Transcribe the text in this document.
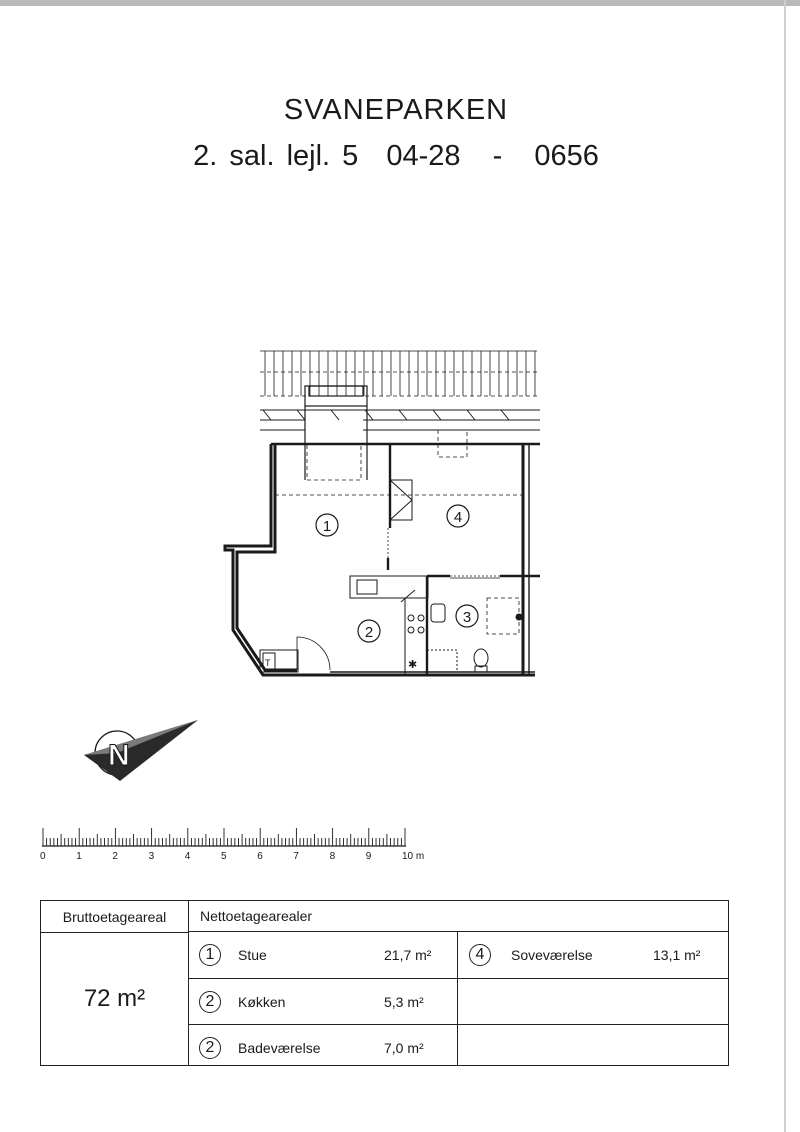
SVANEPARKEN
2. sal. lejl. 5 04-28 - 0656
T	✱
1
2
3
4
N
0	1	2	3	4	5	6	7	8	9	10 m
Bruttoetageareal	Nettoetagearealer
72 m²
1	Stue	21,7 m²	4	Soveværelse	13,1 m²
2	Køkken	5,3 m²
2	Badeværelse	7,0 m²
